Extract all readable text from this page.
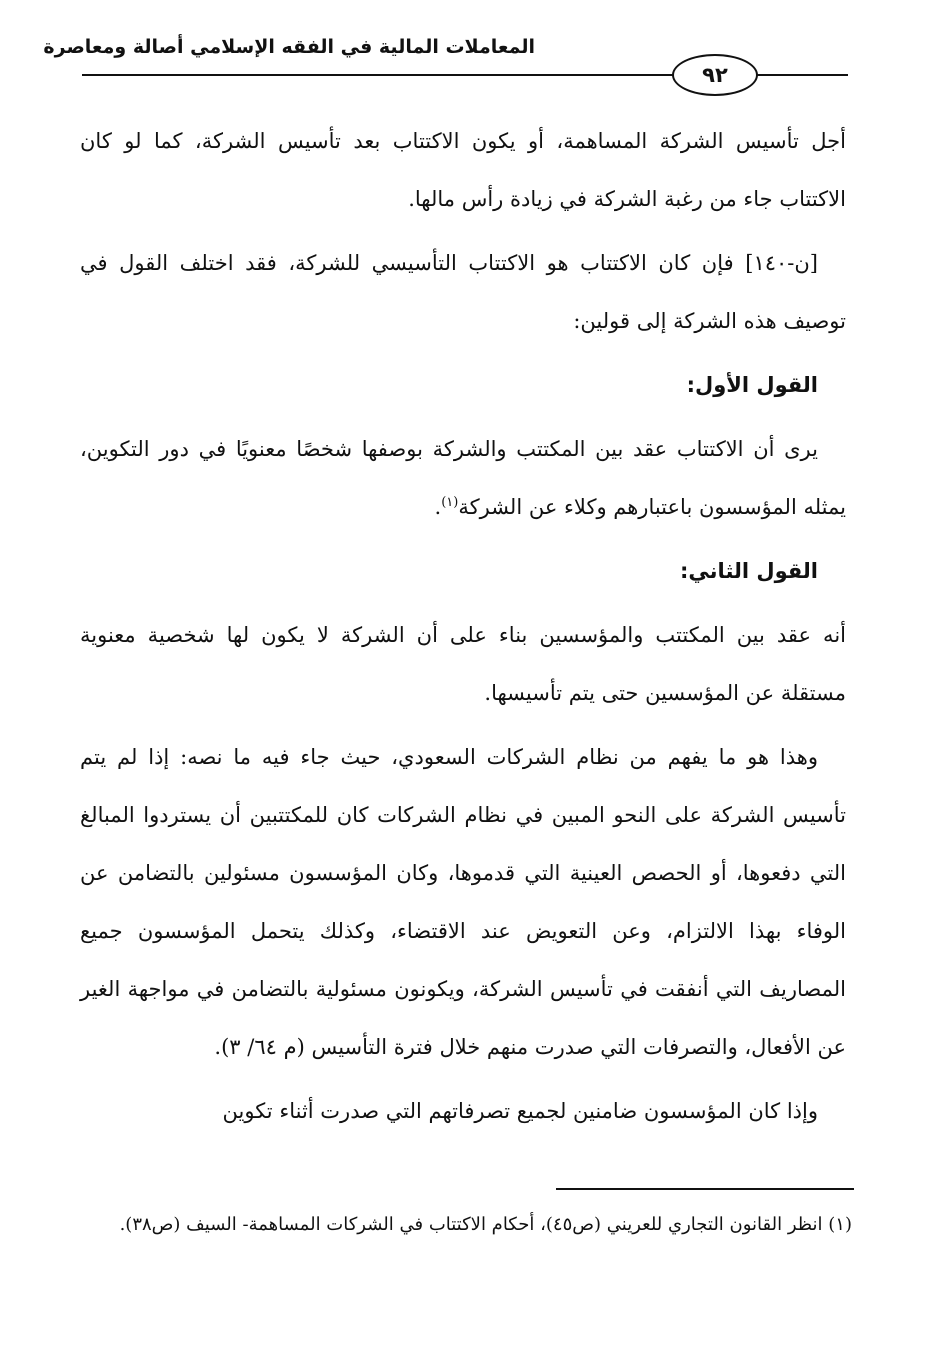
المعاملات المالية في الفقه الإسلامي أصالة ومعاصرة
٩٢

أجل تأسيس الشركة المساهمة، أو يكون الاكتتاب بعد تأسيس الشركة، كما لو كان الاكتتاب جاء من رغبة الشركة في زيادة رأس مالها.

[ن-١٤٠] فإن كان الاكتتاب هو الاكتتاب التأسيسي للشركة، فقد اختلف القول في توصيف هذه الشركة إلى قولين:

القول الأول:

يرى أن الاكتتاب عقد بين المكتتب والشركة بوصفها شخصًا معنويًا في دور التكوين، يمثله المؤسسون باعتبارهم وكلاء عن الشركة$^{(١)}$.

القول الثاني:

أنه عقد بين المكتتب والمؤسسين بناء على أن الشركة لا يكون لها شخصية معنوية مستقلة عن المؤسسين حتى يتم تأسيسها.

وهذا هو ما يفهم من نظام الشركات السعودي، حيث جاء فيه ما نصه: إذا لم يتم تأسيس الشركة على النحو المبين في نظام الشركات كان للمكتتبين أن يستردوا المبالغ التي دفعوها، أو الحصص العينية التي قدموها، وكان المؤسسون مسئولين بالتضامن عن الوفاء بهذا الالتزام، وعن التعويض عند الاقتضاء، وكذلك يتحمل المؤسسون جميع المصاريف التي أنفقت في تأسيس الشركة، ويكونون مسئولية بالتضامن في مواجهة الغير عن الأفعال، والتصرفات التي صدرت منهم خلال فترة التأسيس (م ٦٤/ ٣).

وإذا كان المؤسسون ضامنين لجميع تصرفاتهم التي صدرت أثناء تكوين

(١) انظر القانون التجاري للعريني (ص٤٥)، أحكام الاكتتاب في الشركات المساهمة- السيف (ص٣٨).
